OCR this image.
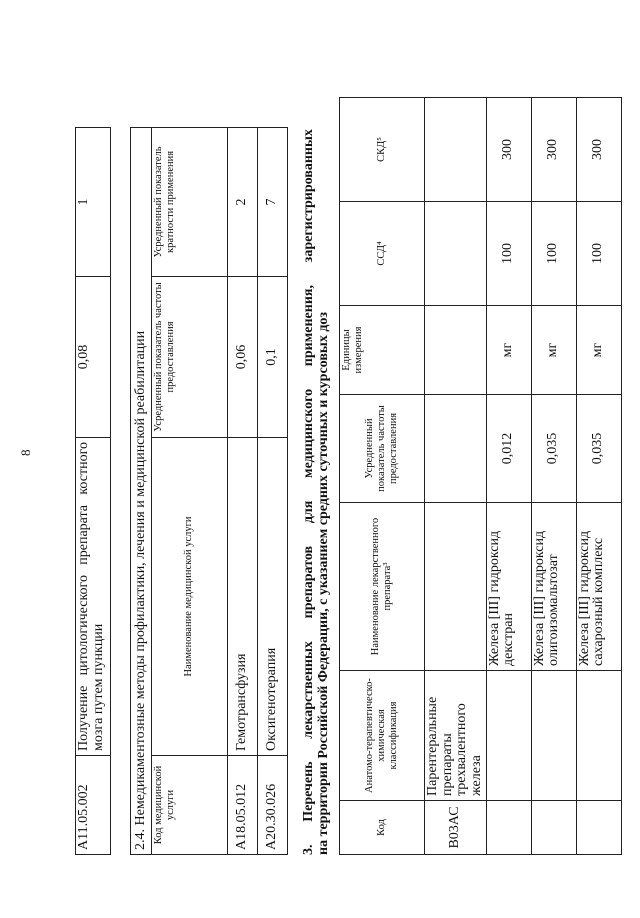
8
А11.05.002	Получение цитологического препарата костного мозга путем пункции	0,08	1
2.4. Немедикаментозные методы профилактики, лечения и медицинской реабилитации			
Код медицинской услуги	Наименование медицинской услуги	Усредненный показатель частоты предоставления	Усредненный показатель кратности применения
А18.05.012	Гемотрансфузия	0,06	2
А20.30.026	Оксигенотерапия	0,1	7
3.
Перечень
лекарственных
препаратов
для
медицинского
применения,
зарегистрированных
на территории Российской Федерации, с указанием средних суточных и курсовых доз	Код	Анатомо-терапевтическо-химическая классификация	Наименование лекарственного препарата³	Усредненный показатель частоты предоставления	Единицы измерения	ССД⁴	СКД⁵
В03АС	Парентеральные препараты трехвалентного железа					
		Железа [III] гидроксид декстран	0,012	мг	100	300
		Железа [III] гидроксид олигоизомальтозат	0,035	мг	100	300
		Железа [III] гидроксид сахарозный комплекс	0,035	мг	100	300
